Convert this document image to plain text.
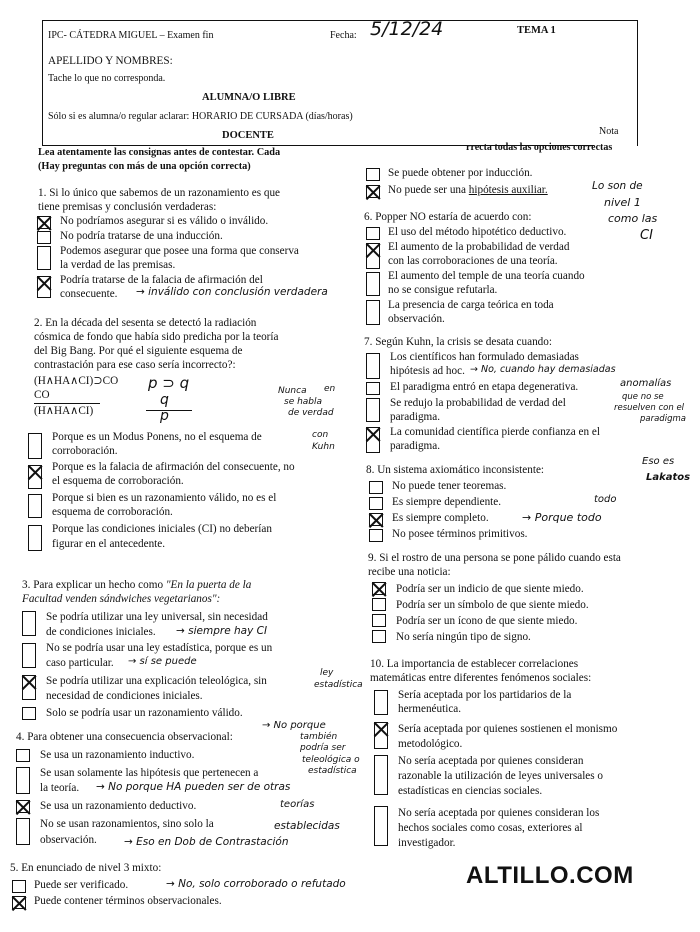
IPC- CÁTEDRA MIGUEL – Examen fin	Fecha: 5/12/24	TEMA 1
APELLIDO Y NOMBRES:
Tache lo que no corresponda.
ALUMNA/O LIBRE
Sólo si es alumna/o regular aclarar: HORARIO DE CURSADA (días/horas)
DOCENTE	Nota
Lea atentamente las consignas antes de contestar. Cada	rrecta todas las opciones correctas
(Hay preguntas con más de una opción correcta)
1. Si lo único que sabemos de un razonamiento es que
tiene premisas y conclusión verdaderas:
No podríamos asegurar si es válido o inválido.
No podría tratarse de una inducción.
Podemos asegurar que posee una forma que conserva
la verdad de las premisas.
Podría tratarse de la falacia de afirmación del
consecuente. → inválido con conclusión verdadera
2. En la década del sesenta se detectó la radiación
cósmica de fondo que había sido predicha por la teoría
del Big Bang. Por qué el siguiente esquema de
contrastación para ese caso sería incorrecto?:
(H∧HA∧CI)⊃CO
CO
(H∧HA∧CI)
p ⊃ q
q
p
Nunca
se habla
de verdad
en
con
Kuhn
Porque es un Modus Ponens, no el esquema de
corroboración.
Porque es la falacia de afirmación del consecuente, no
el esquema de corroboración.
Porque si bien es un razonamiento válido, no es el
esquema de corroboración.
Porque las condiciones iniciales (CI) no deberían
figurar en el antecedente.
3. Para explicar un hecho como "En la puerta de la
Facultad venden sándwiches vegetarianos":
Se podría utilizar una ley universal, sin necesidad
de condiciones iniciales. → siempre hay CI
No se podría usar una ley estadística, porque es un
caso particular. → sí se puede
Se podría utilizar una explicación teleológica, sin
necesidad de condiciones iniciales.
ley
estadística
Solo se podría usar un razonamiento válido.
→ No porque
también
podría ser
teleológica o
estadística
4. Para obtener una consecuencia observacional:
Se usa un razonamiento inductivo.
Se usan solamente las hipótesis que pertenecen a
la teoría. → No porque HA pueden ser de otras
Se usa un razonamiento deductivo.	teorías
No se usan razonamientos, sino solo la	establecidas
observación.	→ Eso en Dob de Contrastación
5. En enunciado de nivel 3 mixto:
Puede ser verificado.	→ No, solo corroborado o refutado
Puede contener términos observacionales.
Se puede obtener por inducción.
No puede ser una hipótesis auxiliar.	Lo son de
nivel 1
como las
CI
6. Popper NO estaría de acuerdo con:
El uso del método hipotético deductivo.
El aumento de la probabilidad de verdad
con las corroboraciones de una teoría.
El aumento del temple de una teoría cuando
no se consigue refutarla.
La presencia de carga teórica en toda
observación.
7. Según Kuhn, la crisis se desata cuando:
Los científicos han formulado demasiadas
hipótesis ad hoc. → No, cuando hay demasiadas
El paradigma entró en etapa degenerativa.	anomalías
Se redujo la probabilidad de verdad del
paradigma.
que no se
resuelven con el
paradigma
La comunidad científica pierde confianza en el
paradigma.
Eso es
Lakatos
8. Un sistema axiomático inconsistente:
No puede tener teoremas.
Es siempre dependiente.
Es siempre completo.	→ Porque todo
todo
No posee términos primitivos.
9. Si el rostro de una persona se pone pálido cuando esta
recibe una noticia:
Podría ser un indicio de que siente miedo.
Podría ser un símbolo de que siente miedo.
Podría ser un ícono de que siente miedo.
No sería ningún tipo de signo.
10. La importancia de establecer correlaciones
matemáticas entre diferentes fenómenos sociales:
Sería aceptada por los partidarios de la
hermenéutica.
Sería aceptada por quienes sostienen el monismo
metodológico.
No sería aceptada por quienes consideran
razonable la utilización de leyes universales o
estadísticas en ciencias sociales.
No sería aceptada por quienes consideran los
hechos sociales como cosas, exteriores al
investigador.
ALTILLO.COM
